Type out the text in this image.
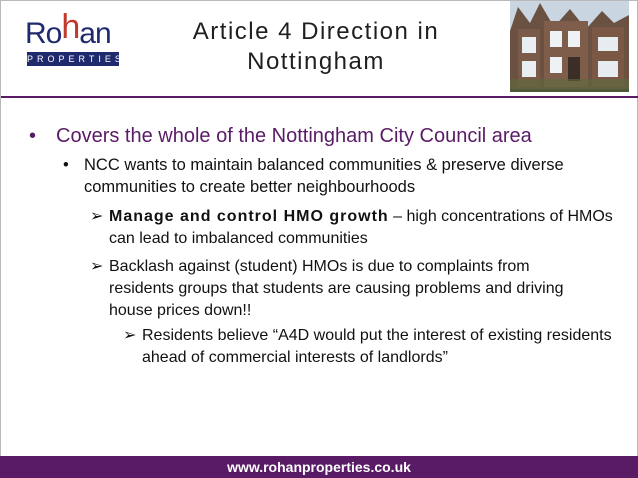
Rohan
PROPERTIES
Article 4 Direction in
Nottingham
• Covers the whole of the Nottingham City Council area
• NCC wants to maintain balanced communities & preserve diverse communities to create better neighbourhoods
➢ Manage and control HMO growth – high concentrations of HMOs can lead to imbalanced communities
➢ Backlash against (student) HMOs is due to complaints from residents groups that students are causing problems and driving house prices down!!
➢ Residents believe “A4D would put the interest of existing residents ahead of commercial interests of landlords”
www.rohanproperties.co.uk
